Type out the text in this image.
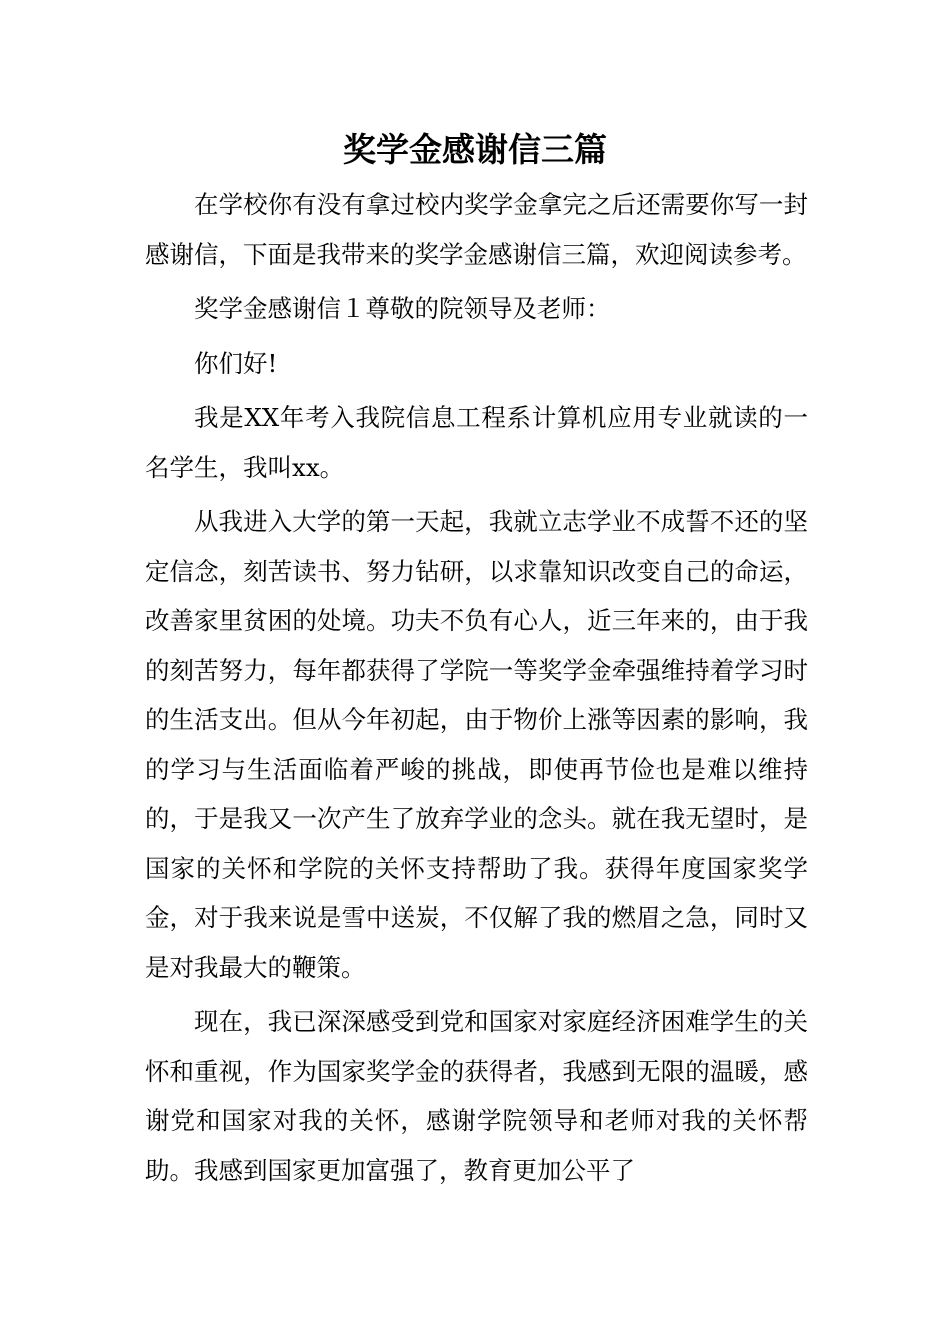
奖学金感谢信三篇

在学校你有没有拿过校内奖学金拿完之后还需要你写一封感谢信，下面是我带来的奖学金感谢信三篇，欢迎阅读参考。

奖学金感谢信１尊敬的院领导及老师：

你们好!

我是XX年考入我院信息工程系计算机应用专业就读的一名学生，我叫xx。

从我进入大学的第一天起，我就立志学业不成誓不还的坚定信念，刻苦读书、努力钻研，以求靠知识改变自己的命运，改善家里贫困的处境。功夫不负有心人，近三年来的，由于我的刻苦努力，每年都获得了学院一等奖学金牵强维持着学习时的生活支出。但从今年初起，由于物价上涨等因素的影响，我的学习与生活面临着严峻的挑战，即使再节俭也是难以维持的，于是我又一次产生了放弃学业的念头。就在我无望时，是国家的关怀和学院的关怀支持帮助了我。获得年度国家奖学金，对于我来说是雪中送炭，不仅解了我的燃眉之急，同时又是对我最大的鞭策。

现在，我已深深感受到党和国家对家庭经济困难学生的关怀和重视，作为国家奖学金的获得者，我感到无限的温暖，感谢党和国家对我的关怀，感谢学院领导和老师对我的关怀帮助。我感到国家更加富强了，教育更加公平了
